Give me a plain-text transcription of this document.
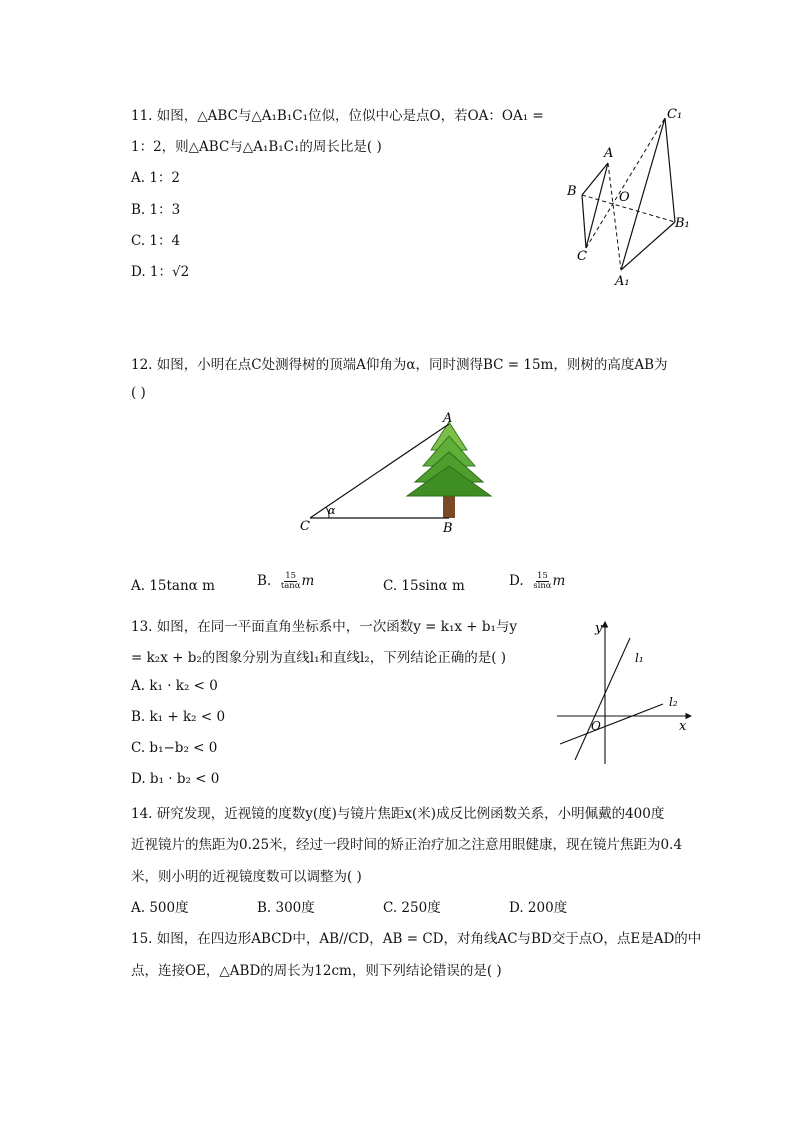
11. 如图，△ABC与△A₁B₁C₁位似，位似中心是点O，若OA：OA₁ =
1：2，则△ABC与△A₁B₁C₁的周长比是( )
A. 1：2
B. 1：3
C. 1：4
D. 1：√2
C₁
A
B	O
B₁
C
A₁
12. 如图，小明在点C处测得树的顶端A仰角为α，同时测得BC = 15m，则树的高度AB为
( )
A
B
C
α
A. 15tanα m	B. $\frac{15}{\tan\alpha}$ m	C. 15sinα m	D. $\frac{15}{\sin\alpha}$ m
13. 如图，在同一平面直角坐标系中，一次函数y = k₁x + b₁与y
= k₂x + b₂的图象分别为直线l₁和直线l₂，下列结论正确的是( )
A. k₁ · k₂ < 0
B. k₁ + k₂ < 0
C. b₁−b₂ < 0
D. b₁ · b₂ < 0
y
x
O
l₁
l₂
14. 研究发现，近视镜的度数y(度)与镜片焦距x(米)成反比例函数关系，小明佩戴的400度
近视镜片的焦距为0.25米，经过一段时间的矫正治疗加之注意用眼健康，现在镜片焦距为0.4
米，则小明的近视镜度数可以调整为( )
A. 500度	B. 300度	C. 250度	D. 200度
15. 如图，在四边形ABCD中，AB//CD，AB = CD，对角线AC与BD交于点O，点E是AD的中
点，连接OE，△ABD的周长为12cm，则下列结论错误的是( )
